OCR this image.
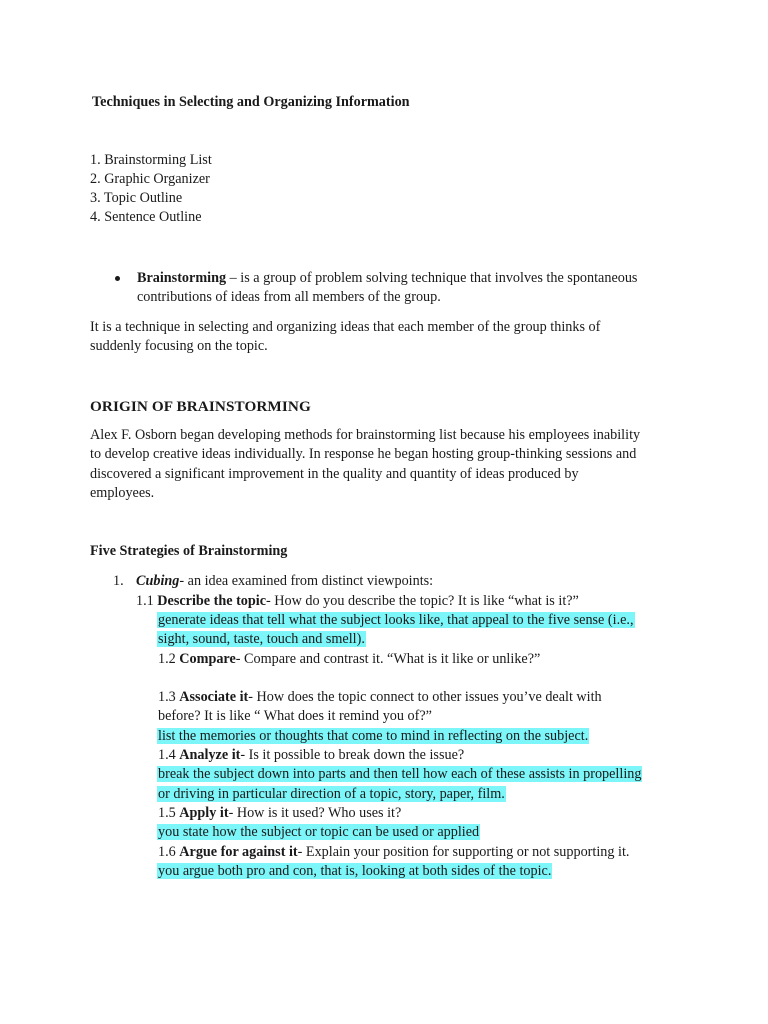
Techniques in Selecting and Organizing Information
1. Brainstorming List
2. Graphic Organizer
3. Topic Outline
4. Sentence Outline
Brainstorming – is a group of problem solving technique that involves the spontaneous
contributions of ideas from all members of the group.
It is a technique in selecting and organizing ideas that each member of the group thinks of
suddenly focusing on the topic.
ORIGIN OF BRAINSTORMING
Alex F. Osborn began developing methods for brainstorming list because his employees inability
to develop creative ideas individually. In response he began hosting group-thinking sessions and
discovered a significant improvement in the quality and quantity of ideas produced by
employees.
Five Strategies of Brainstorming
1. Cubing- an idea examined from distinct viewpoints:
1.1 Describe the topic- How do you describe the topic? It is like “what is it?”
generate ideas that tell what the subject looks like, that appeal to the five sense (i.e.,
sight, sound, taste, touch and smell).
1.2 Compare- Compare and contrast it. “What is it like or unlike?”
1.3 Associate it- How does the topic connect to other issues you’ve dealt with
before? It is like “ What does it remind you of?”
list the memories or thoughts that come to mind in reflecting on the subject.
1.4 Analyze it- Is it possible to break down the issue?
break the subject down into parts and then tell how each of these assists in propelling
or driving in particular direction of a topic, story, paper, film.
1.5 Apply it- How is it used? Who uses it?
you state how the subject or topic can be used or applied
1.6 Argue for against it- Explain your position for supporting or not supporting it.
you argue both pro and con, that is, looking at both sides of the topic.
